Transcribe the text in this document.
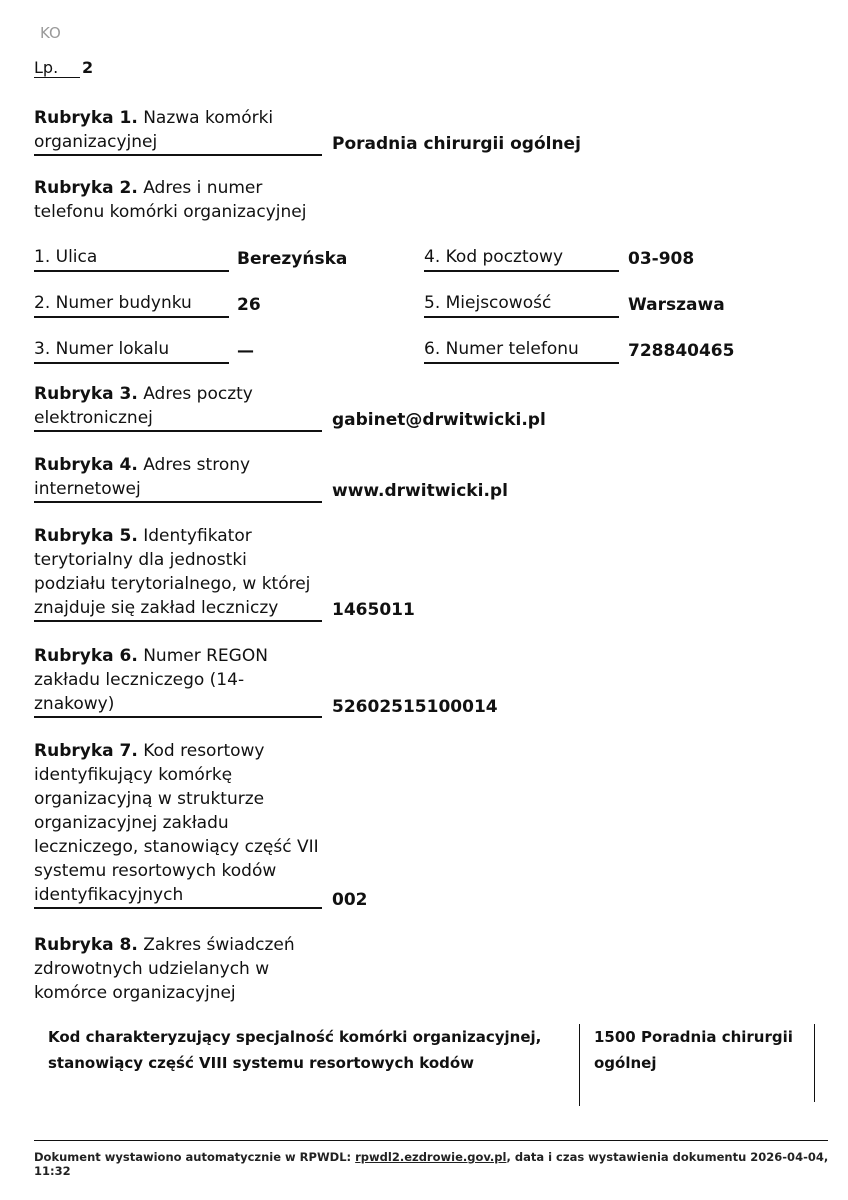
KO
Lp. 2
Rubryka 1. Nazwa komórki
organizacyjnej	Poradnia chirurgii ogólnej
Rubryka 2. Adres i numer
telefonu komórki organizacyjnej
1. Ulica	Berezyńska
2. Numer budynku	26
3. Numer lokalu	—
4. Kod pocztowy	03-908
5. Miejscowość	Warszawa
6. Numer telefonu	728840465
Rubryka 3. Adres poczty
elektronicznej	gabinet@drwitwicki.pl
Rubryka 4. Adres strony
internetowej	www.drwitwicki.pl
Rubryka 5. Identyfikator
terytorialny dla jednostki
podziału terytorialnego, w której
znajduje się zakład leczniczy	1465011
Rubryka 6. Numer REGON
zakładu leczniczego (14-
znakowy)	52602515100014
Rubryka 7. Kod resortowy
identyfikujący komórkę
organizacyjną w strukturze
organizacyjnej zakładu
leczniczego, stanowiący część VII
systemu resortowych kodów
identyfikacyjnych	002
Rubryka 8. Zakres świadczeń
zdrowotnych udzielanych w
komórce organizacyjnej
Kod charakteryzujący specjalność komórki organizacyjnej,
stanowiący część VIII systemu resortowych kodów
1500 Poradnia chirurgii
ogólnej
Dokument wystawiono automatycznie w RPWDL: rpwdl2.ezdrowie.gov.pl, data i czas wystawienia dokumentu 2026-04-04, 11:32
